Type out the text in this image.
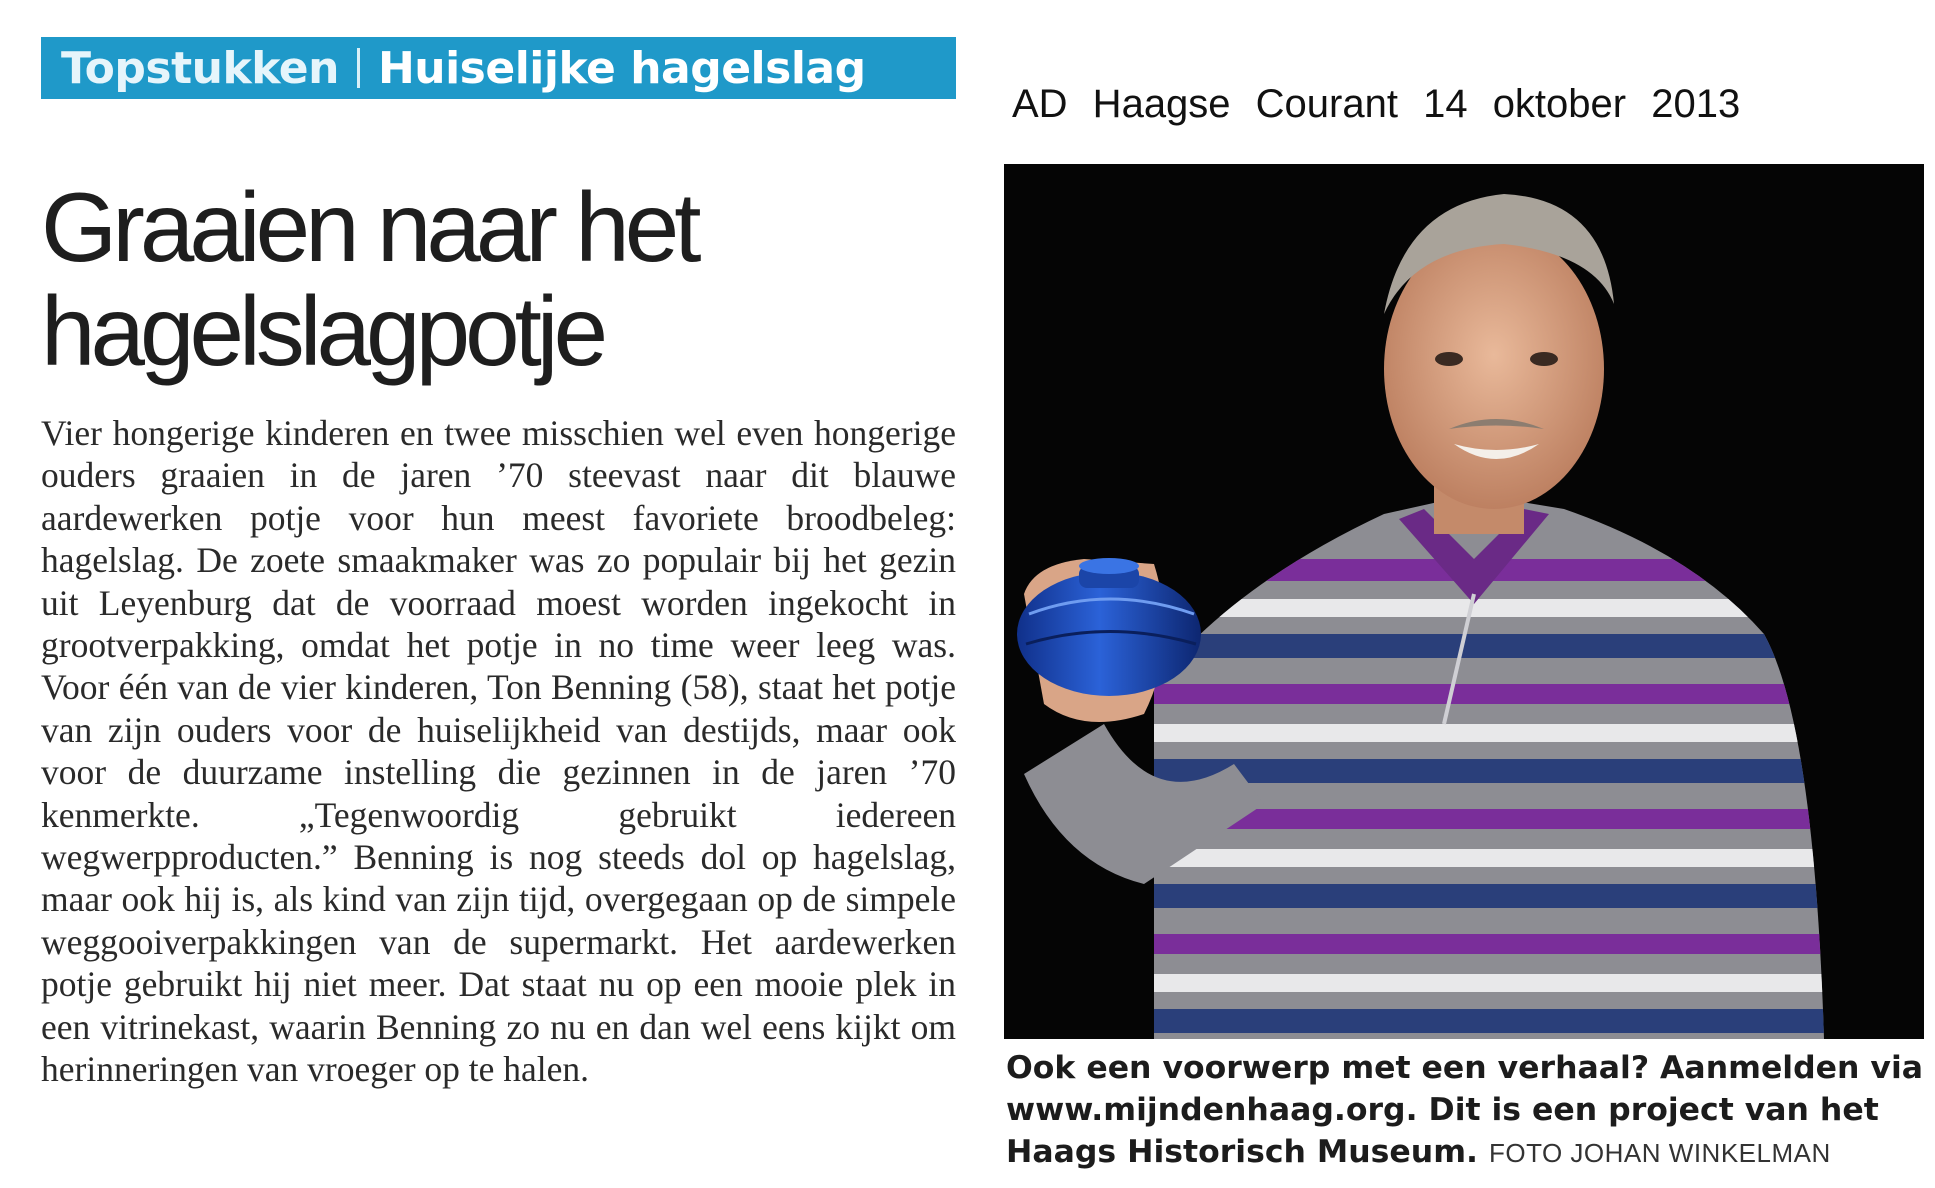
Topstukken Huiselijke hagelslag
AD Haagse Courant 14 oktober 2013
Graaien naar het hagelslagpotje

Vier hongerige kinderen en twee misschien wel even hongerige ouders graaien in de jaren ’70 steevast naar dit blauwe aardewerken potje voor hun meest favoriete broodbeleg: hagelslag. De zoete smaakmaker was zo populair bij het gezin uit Leyenburg dat de voorraad moest worden ingekocht in grootverpakking, omdat het potje in no time weer leeg was. Voor één van de vier kinderen, Ton Benning (58), staat het potje van zijn ouders voor de huiselijkheid van destijds, maar ook voor de duurzame instelling die gezinnen in de jaren ’70 kenmerkte. „Tegenwoordig gebruikt iedereen wegwerpproducten.” Benning is nog steeds dol op hagelslag, maar ook hij is, als kind van zijn tijd, overgegaan op de simpele weggooiverpakkingen van de supermarkt. Het aardewerken potje gebruikt hij niet meer. Dat staat nu op een mooie plek in een vitrinekast, waarin Benning zo nu en dan wel eens kijkt om herinneringen van vroeger op te halen.	Ook een voorwerp met een verhaal? Aanmelden via www.mijndenhaag.org. Dit is een project van het Haags Historisch Museum. FOTO JOHAN WINKELMAN
